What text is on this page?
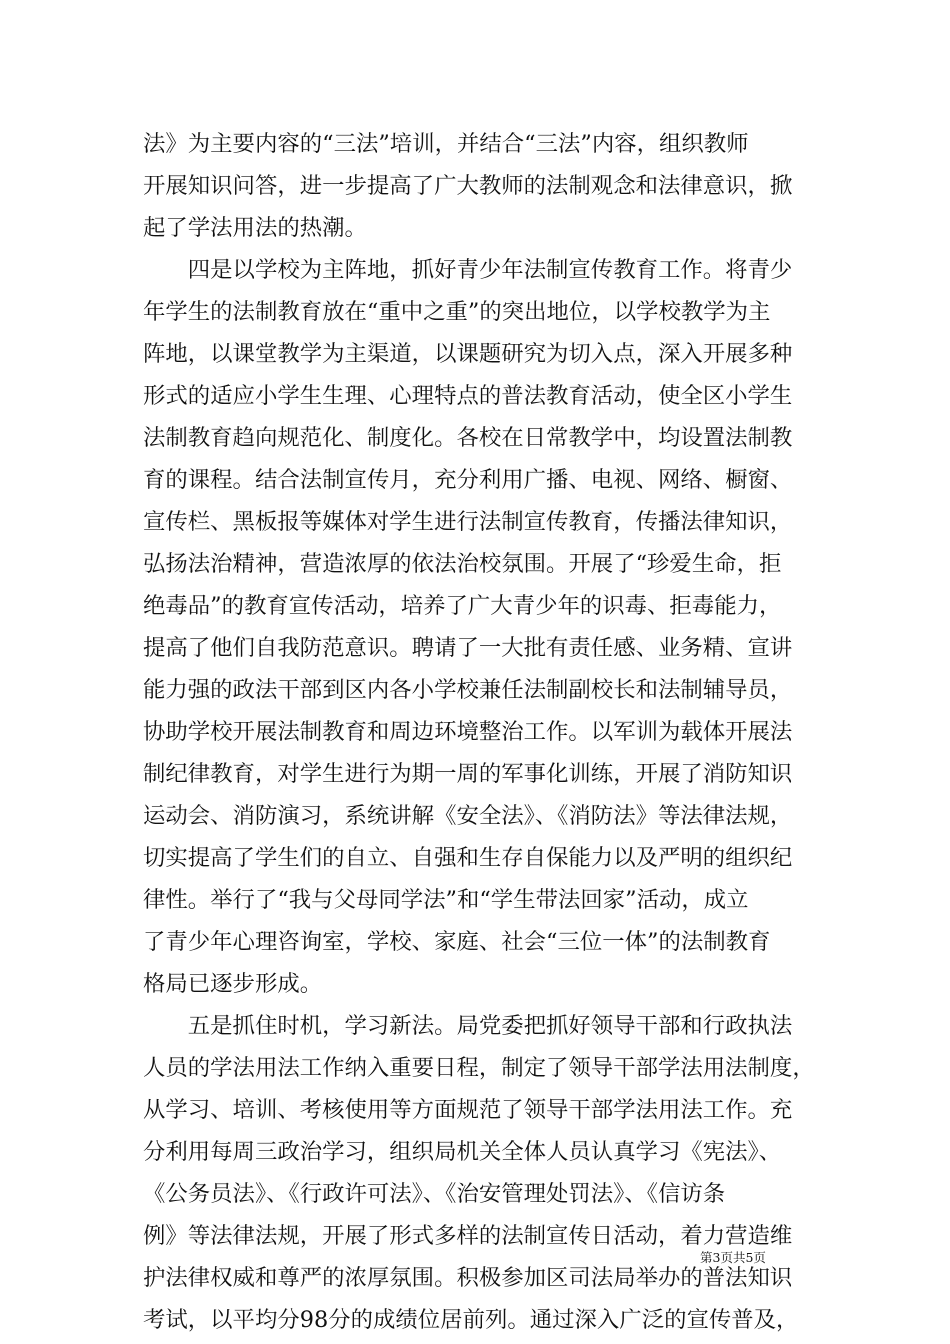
法》为主要内容的“三法”培训，并结合“三法”内容，组织教师
开展知识问答，进一步提高了广大教师的法制观念和法律意识，掀
起了学法用法的热潮。
　　四是以学校为主阵地，抓好青少年法制宣传教育工作。将青少
年学生的法制教育放在“重中之重”的突出地位，以学校教学为主
阵地，以课堂教学为主渠道，以课题研究为切入点，深入开展多种
形式的适应小学生生理、心理特点的普法教育活动，使全区小学生
法制教育趋向规范化、制度化。各校在日常教学中，均设置法制教
育的课程。结合法制宣传月，充分利用广播、电视、网络、橱窗、
宣传栏、黑板报等媒体对学生进行法制宣传教育，传播法律知识，
弘扬法治精神，营造浓厚的依法治校氛围。开展了“珍爱生命，拒
绝毒品”的教育宣传活动，培养了广大青少年的识毒、拒毒能力，
提高了他们自我防范意识。聘请了一大批有责任感、业务精、宣讲
能力强的政法干部到区内各小学校兼任法制副校长和法制辅导员，
协助学校开展法制教育和周边环境整治工作。以军训为载体开展法
制纪律教育，对学生进行为期一周的军事化训练，开展了消防知识
运动会、消防演习，系统讲解《安全法》、《消防法》等法律法规，
切实提高了学生们的自立、自强和生存自保能力以及严明的组织纪
律性。举行了“我与父母同学法”和“学生带法回家”活动，成立
了青少年心理咨询室，学校、家庭、社会“三位一体”的法制教育
格局已逐步形成。
　　五是抓住时机，学习新法。局党委把抓好领导干部和行政执法
人员的学法用法工作纳入重要日程，制定了领导干部学法用法制度，
从学习、培训、考核使用等方面规范了领导干部学法用法工作。充
分利用每周三政治学习，组织局机关全体人员认真学习《宪法》、
《公务员法》、《行政许可法》、《治安管理处罚法》、《信访条
例》等法律法规，开展了形式多样的法制宣传日活动，着力营造维
护法律权威和尊严的浓厚氛围。积极参加区司法局举办的普法知识
考试，以平均分98分的成绩位居前列。通过深入广泛的宣传普及，
第3页共5页
